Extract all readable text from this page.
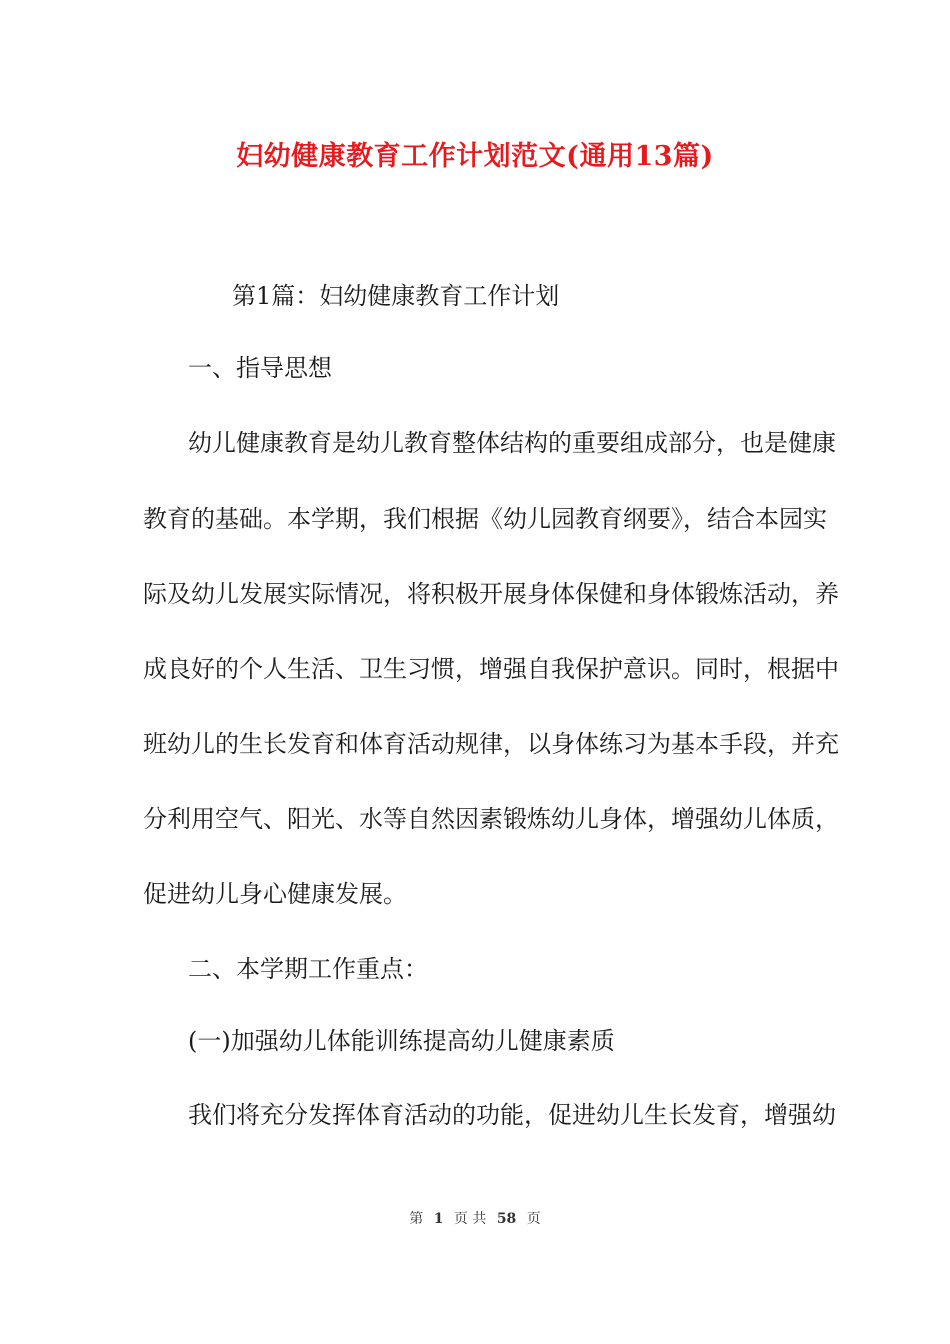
妇幼健康教育工作计划范文(通用13篇)
第1篇：妇幼健康教育工作计划
一、指导思想
幼儿健康教育是幼儿教育整体结构的重要组成部分，也是健康
教育的基础。本学期，我们根据《幼儿园教育纲要》，结合本园实
际及幼儿发展实际情况，将积极开展身体保健和身体锻炼活动，养
成良好的个人生活、卫生习惯，增强自我保护意识。同时，根据中
班幼儿的生长发育和体育活动规律，以身体练习为基本手段，并充
分利用空气、阳光、水等自然因素锻炼幼儿身体，增强幼儿体质，
促进幼儿身心健康发展。
二、本学期工作重点：
(一)加强幼儿体能训练提高幼儿健康素质
我们将充分发挥体育活动的功能，促进幼儿生长发育，增强幼
第 1 页 共 58 页
